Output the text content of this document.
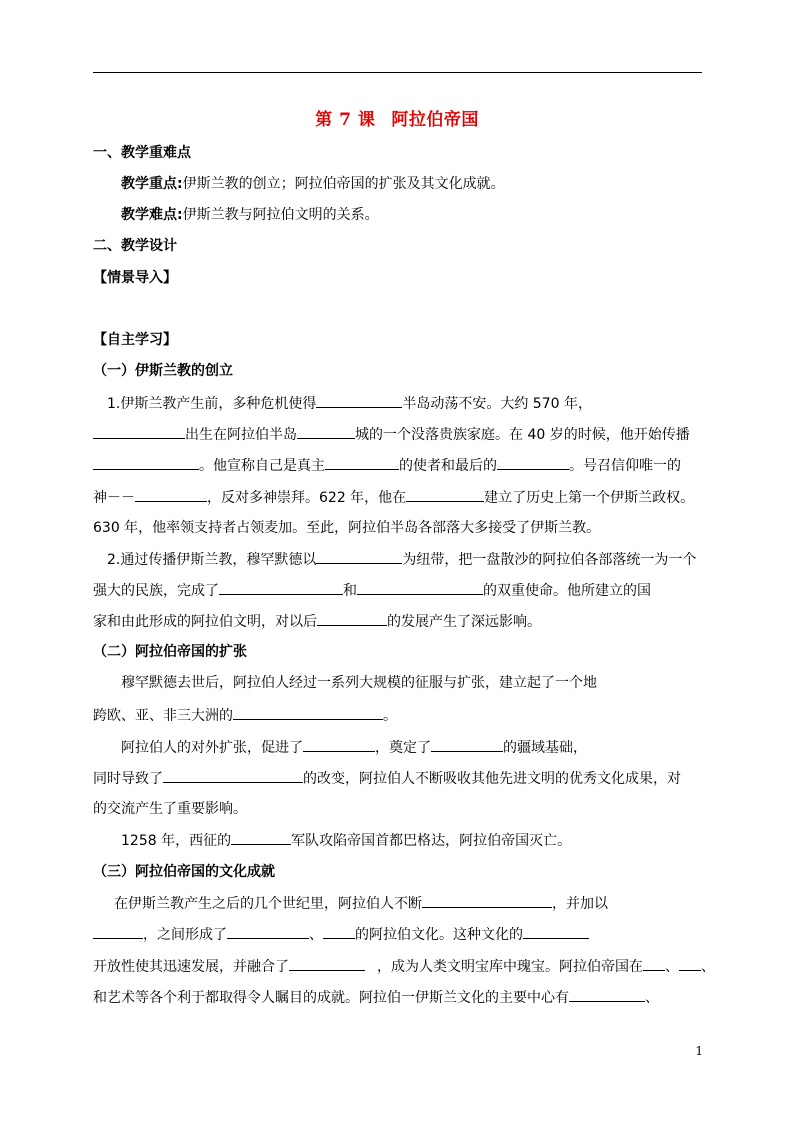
第 7 课 阿拉伯帝国
一、教学重难点
教学重点:伊斯兰教的创立；阿拉伯帝国的扩张及其文化成就。
教学难点:伊斯兰教与阿拉伯文明的关系。
二、教学设计
【情景导入】
【自主学习】
（一）伊斯兰教的创立
1.伊斯兰教产生前，多种危机使得	半岛动荡不安。大约 570 年，
出生在阿拉伯半岛	城的一个没落贵族家庭。在 40 岁的时候，他开始传播
。他宣称自己是真主	的使者和最后的	。号召信仰唯一的
神－－	，反对多神崇拜。622 年，他在	建立了历史上第一个伊斯兰政权。
630 年，他率领支持者占领麦加。至此，阿拉伯半岛各部落大多接受了伊斯兰教。
2.通过传播伊斯兰教，穆罕默德以	为纽带，把一盘散沙的阿拉伯各部落统一为一个
强大的民族，完成了	和	的双重使命。他所建立的国
家和由此形成的阿拉伯文明，对以后	的发展产生了深远影响。
（二）阿拉伯帝国的扩张
穆罕默德去世后，阿拉伯人经过一系列大规模的征服与扩张，建立起了一个地
跨欧、亚、非三大洲的	。
阿拉伯人的对外扩张，促进了	，奠定了	的疆域基础，
同时导致了	的改变，阿拉伯人不断吸收其他先进文明的优秀文化成果，对
的交流产生了重要影响。
1258 年，西征的	军队攻陷帝国首都巴格达，阿拉伯帝国灭亡。
（三）阿拉伯帝国的文化成就
在伊斯兰教产生之后的几个世纪里，阿拉伯人不断	，并加以
，之间形成了	、 的阿拉伯文化。这种文化的
开放性使其迅速发展，并融合了	，成为人类文明宝库中瑰宝。阿拉伯帝国在 、 、
和艺术等各个利于都取得令人瞩目的成就。阿拉伯一伊斯兰文化的主要中心有	、
1
